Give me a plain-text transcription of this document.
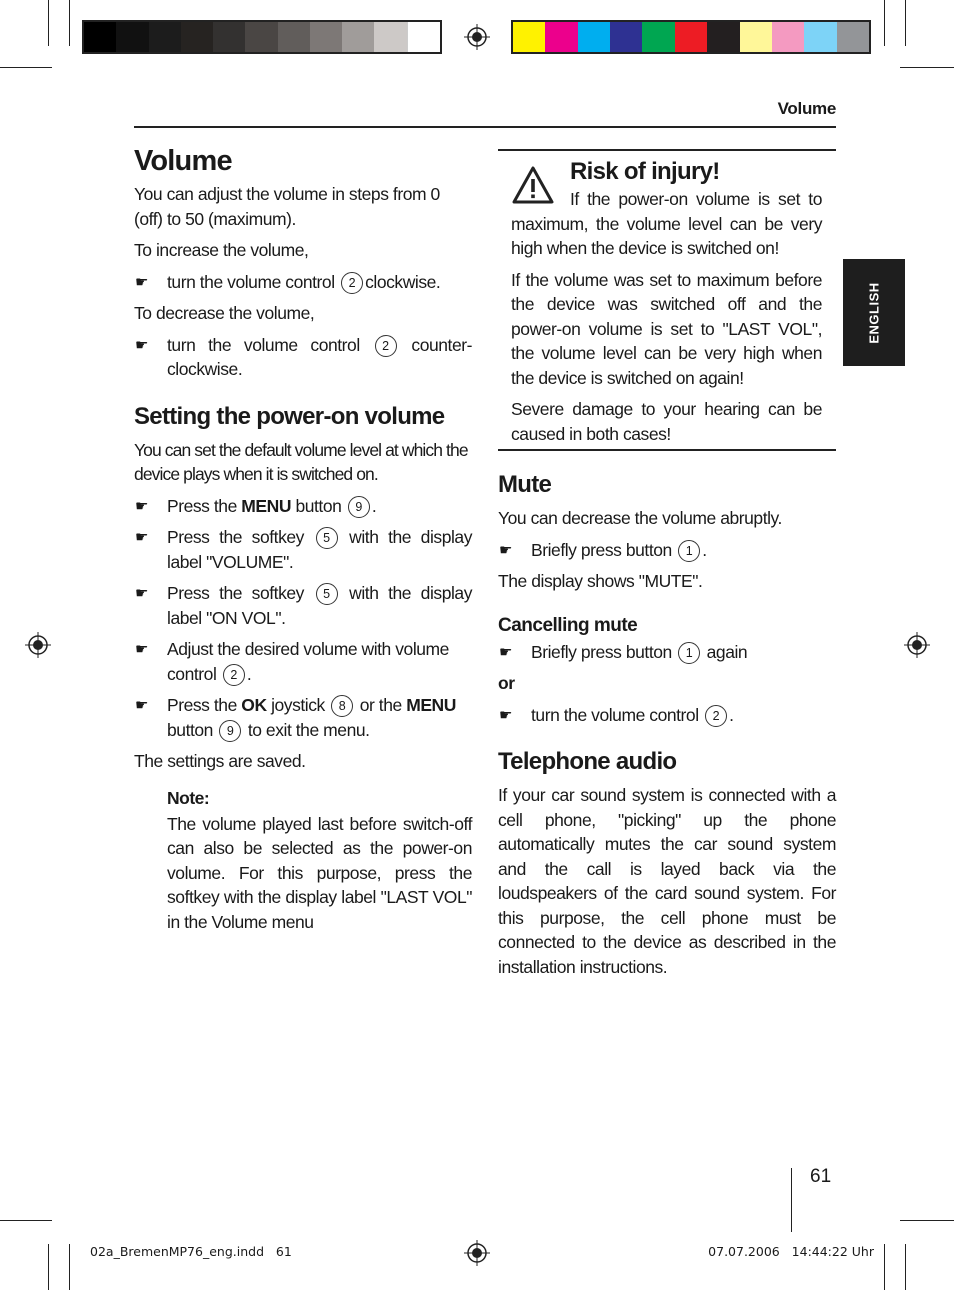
Volume
ENGLISH
Volume

You can adjust the volume in steps from 0 (off) to 50 (maximum).

To increase the volume,

☛ turn the volume control 2 clockwise.

To decrease the volume,

☛ turn the volume control 2 counter-clockwise.
Setting the power-on volume

You can set the default volume level at which the device plays when it is switched on.

☛ Press the MENU button 9 .
☛ Press the softkey 5 with the display label "VOLUME".
☛ Press the softkey 5 with the display label "ON VOL".
☛ Adjust the desired volume with volume control 2 .
☛ Press the OK joystick 8 or the MENU button 9 to exit the menu.

The settings are saved.

Note:

The volume played last before switch-off can also be selected as the power-on volume. For this purpose, press the softkey with the display label "LAST VOL" in the Volume menu

Risk of injury!

If the power-on volume is set to maximum, the volume level can be very high when the device is switched on!

If the volume was set to maximum before the device was switched off and the power-on volume is set to "LAST VOL", the volume level can be very high when the device is switched on again!

Severe damage to your hearing can be caused in both cases!

Mute

You can decrease the volume abruptly.

☛ Briefly press button 1 .

The display shows "MUTE".

Cancelling mute
☛ Briefly press button 1 again

or

☛ turn the volume control 2 .
Telephone audio

If your car sound system is connected with a cell phone, "picking" up the phone automatically mutes the car sound system and the call is layed back via the loudspeakers of the card sound system. For this purpose, the cell phone must be connected to the device as described in the installation instructions.

61
02a_BremenMP76_eng.indd   61	07.07.2006   14:44:22 Uhr
